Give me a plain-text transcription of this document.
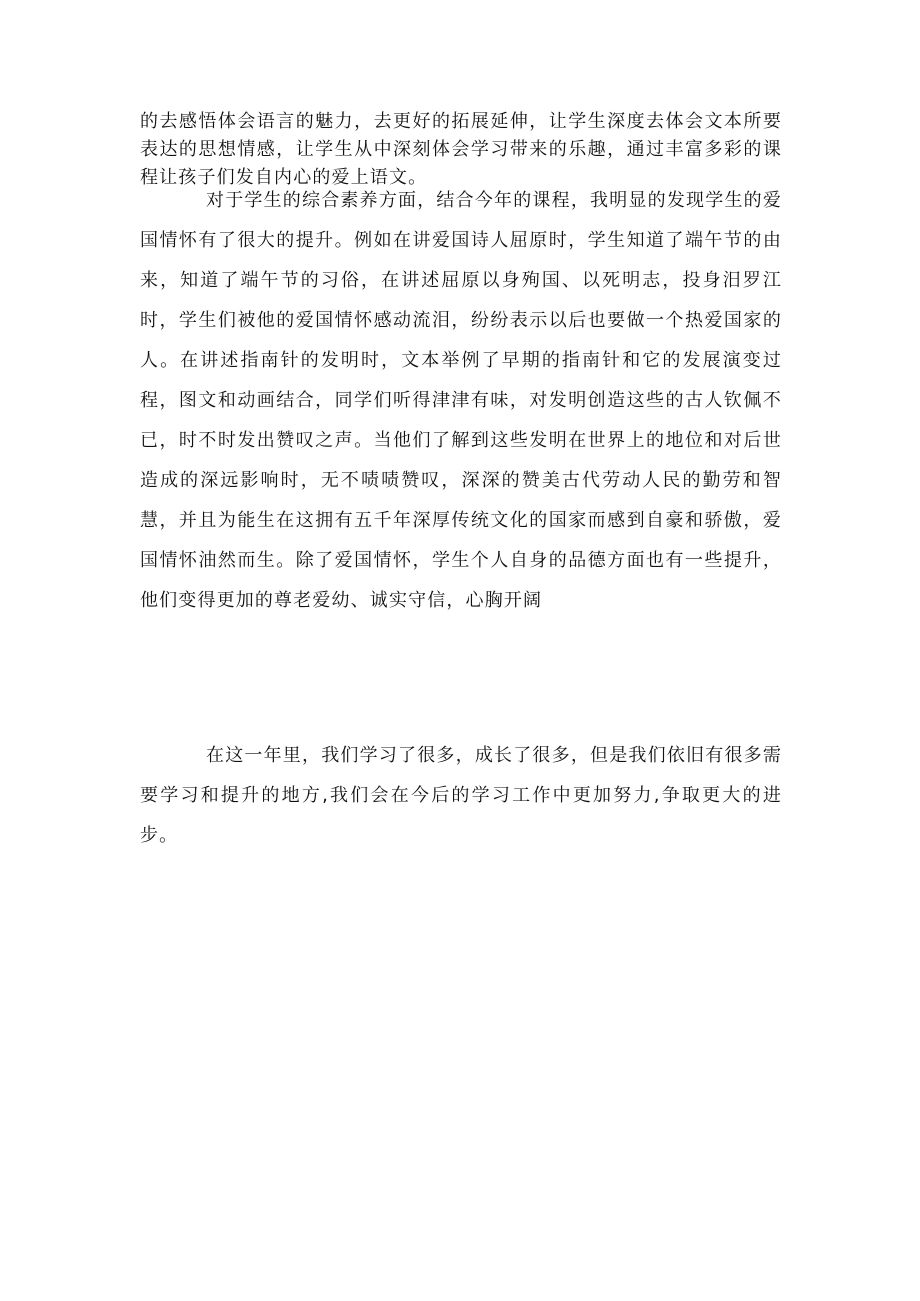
的去感悟体会语言的魅力，去更好的拓展延伸，让学生深度去体会文本所要表达的思想情感，让学生从中深刻体会学习带来的乐趣，通过丰富多彩的课程让孩子们发自内心的爱上语文。

对于学生的综合素养方面，结合今年的课程，我明显的发现学生的爱国情怀有了很大的提升。例如在讲爱国诗人屈原时，学生知道了端午节的由来，知道了端午节的习俗，在讲述屈原以身殉国、以死明志，投身汨罗江时，学生们被他的爱国情怀感动流泪，纷纷表示以后也要做一个热爱国家的人。在讲述指南针的发明时，文本举例了早期的指南针和它的发展演变过程，图文和动画结合，同学们听得津津有味，对发明创造这些的古人钦佩不已，时不时发出赞叹之声。当他们了解到这些发明在世界上的地位和对后世造成的深远影响时，无不啧啧赞叹，深深的赞美古代劳动人民的勤劳和智慧，并且为能生在这拥有五千年深厚传统文化的国家而感到自豪和骄傲，爱国情怀油然而生。除了爱国情怀，学生个人自身的品德方面也有一些提升，他们变得更加的尊老爱幼、诚实守信，心胸开阔

在这一年里，我们学习了很多，成长了很多，但是我们依旧有很多需要学习和提升的地方,我们会在今后的学习工作中更加努力,争取更大的进步。
